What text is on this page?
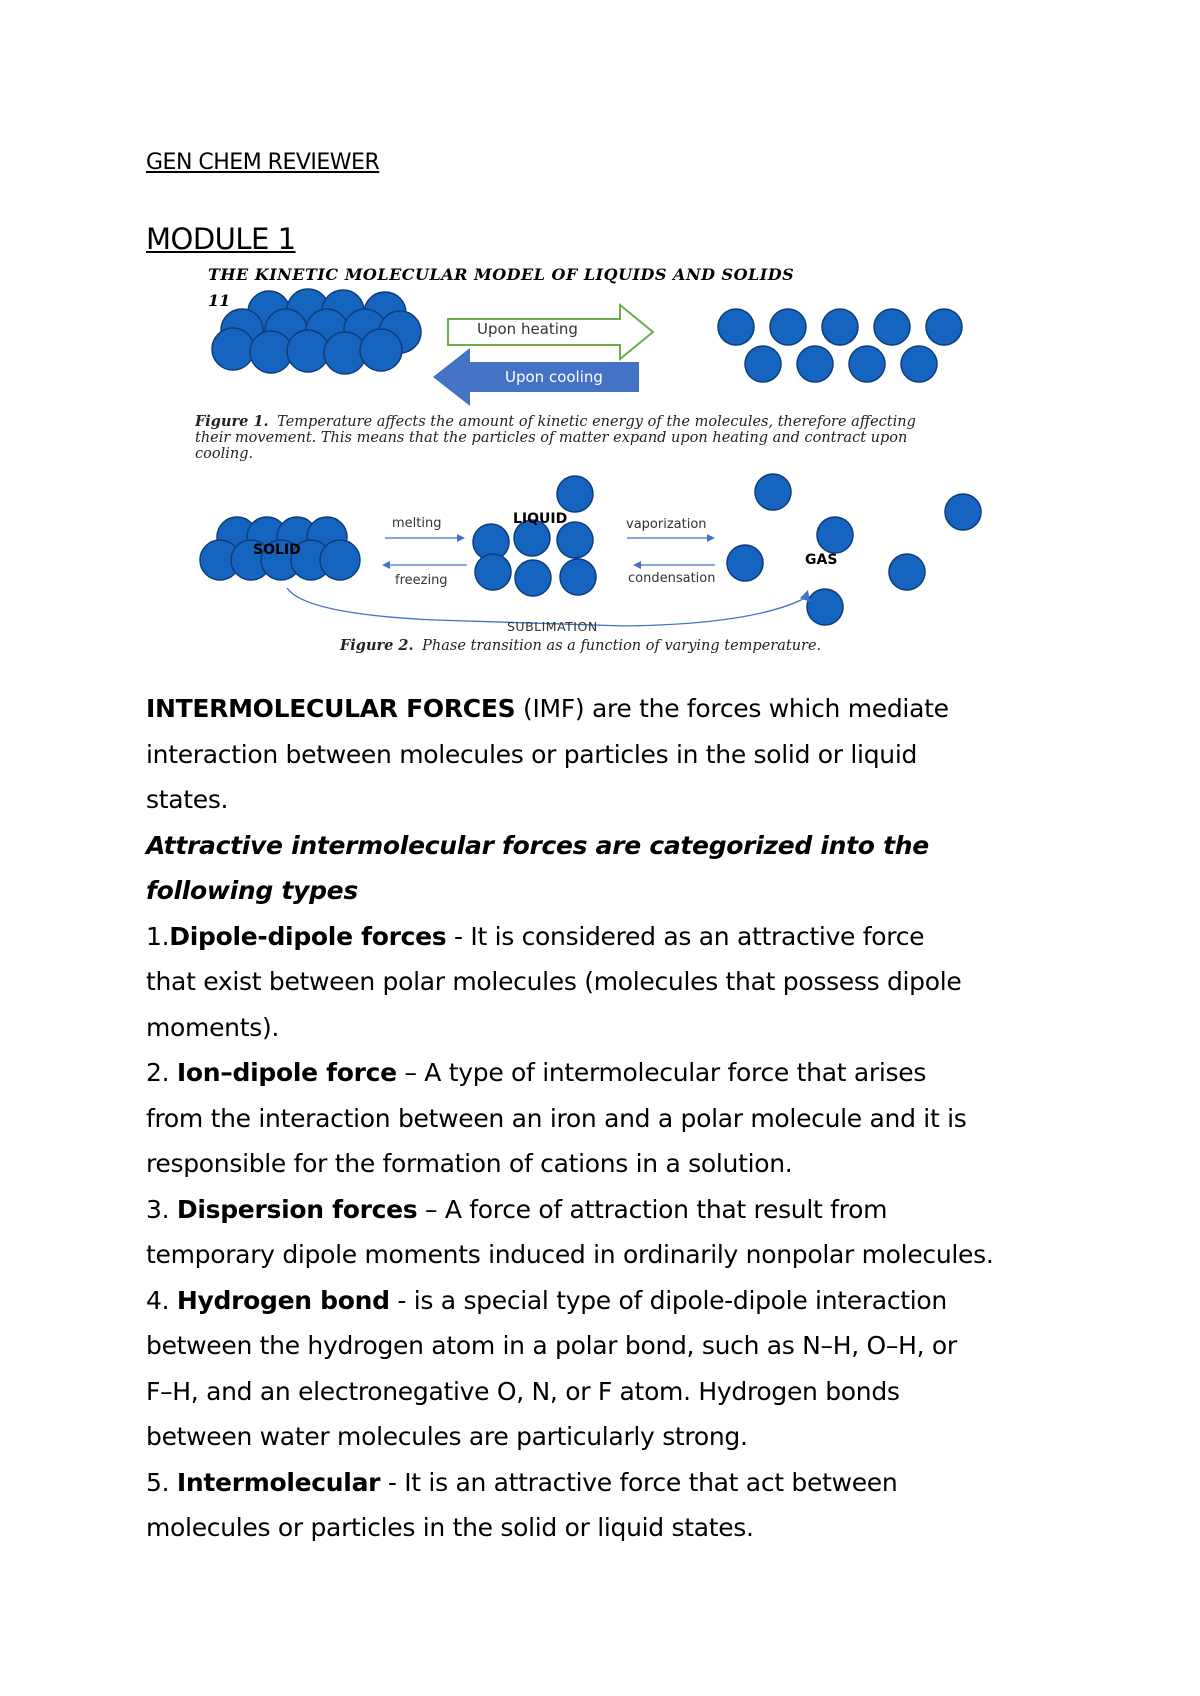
GEN CHEM REVIEWER
MODULE 1
THE KINETIC MOLECULAR MODEL OF LIQUIDS AND SOLIDS
11
Upon heating
Upon cooling
Figure 1. Temperature affects the amount of kinetic energy of the molecules, therefore affecting
their movement. This means that the particles of matter expand upon heating and contract upon
cooling.
SOLID
melting
freezing
LIQUID	vaporization
condensation
GAS
SUBLIMATION
Figure 2. Phase transition as a function of varying temperature.

INTERMOLECULAR FORCES (IMF) are the forces which mediate

interaction between molecules or particles in the solid or liquid

states.

Attractive intermolecular forces are categorized into the

following types

1.Dipole-dipole forces - It is considered as an attractive force

that exist between polar molecules (molecules that possess dipole

moments).

2. Ion–dipole force – A type of intermolecular force that arises

from the interaction between an iron and a polar molecule and it is

responsible for the formation of cations in a solution.

3. Dispersion forces – A force of attraction that result from

temporary dipole moments induced in ordinarily nonpolar molecules.

4. Hydrogen bond - is a special type of dipole-dipole interaction

between the hydrogen atom in a polar bond, such as N–H, O–H, or

F–H, and an electronegative O, N, or F atom. Hydrogen bonds

between water molecules are particularly strong.

5. Intermolecular - It is an attractive force that act between

molecules or particles in the solid or liquid states.
